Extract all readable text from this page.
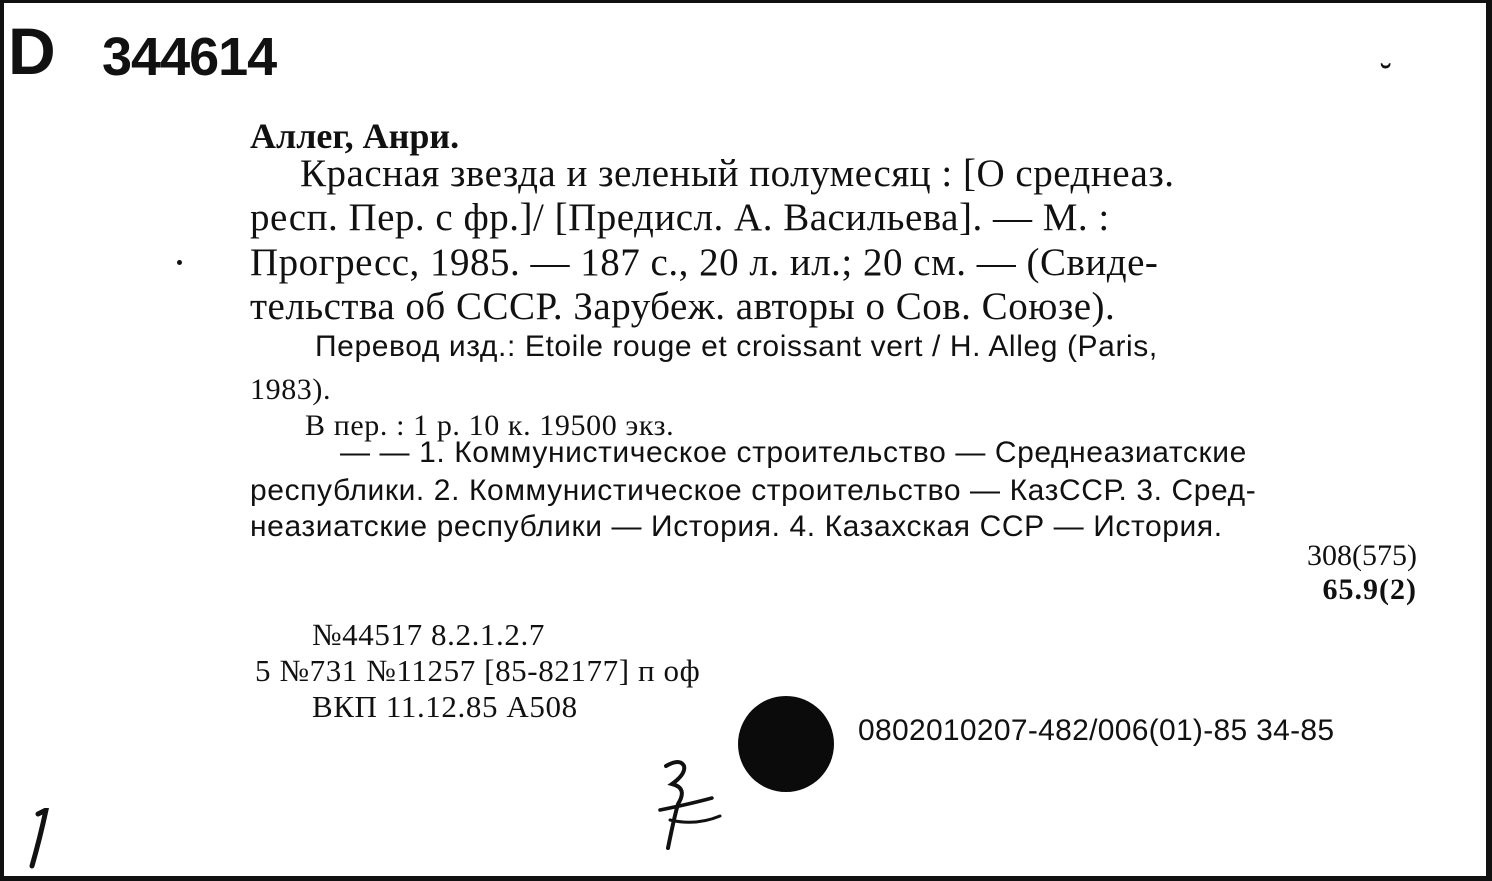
D 344614	˘
Аллег, Анри.
Красная звезда и зеленый полумесяц : [О среднеаз.
респ. Пер. с фр.]/ [Предисл. А. Васильева]. — М. :
Прогресс, 1985. — 187 с., 20 л. ил.; 20 см. — (Свиде-
тельства об СССР. Зарубеж. авторы о Сов. Союзе).
Перевод изд.: Etoile rouge et croissant vert / H. Alleg (Paris,
1983).
В пер. : 1 р. 10 к. 19500 экз.
— — 1. Коммунистическое строительство — Среднеазиатские
республики. 2. Коммунистическое строительство — КазССР. 3. Сред-
неазиатские республики — История. 4. Казахская ССР — История.
308(575)
65.9(2)
№44517 8.2.1.2.7
5 №731 №11257 [85-82177] п оф
ВКП 11.12.85 А508
0802010207-482/006(01)-85 34-85
